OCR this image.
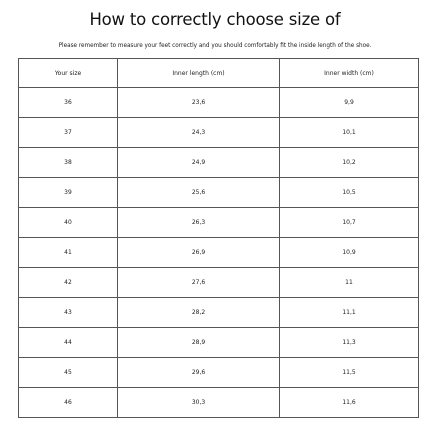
How to correctly choose size of
Please remember to measure your feet correctly and you should comfortably fit the inside length of the shoe.
Your size	Inner length (cm)	Inner width (cm)
36	23,6	9,9
37	24,3	10,1
38	24,9	10,2
39	25,6	10,5
40	26,3	10,7
41	26,9	10,9
42	27,6	11
43	28,2	11,1
44	28,9	11,3
45	29,6	11,5
46	30,3	11,6
